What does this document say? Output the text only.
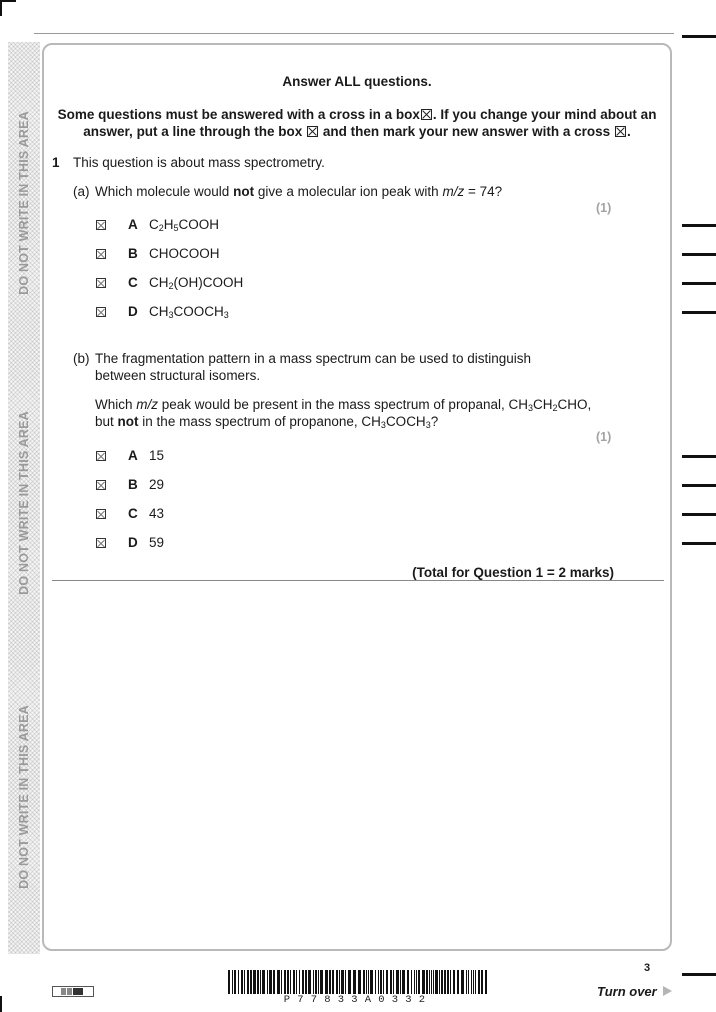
DO NOT WRITE IN THIS AREA
DO NOT WRITE IN THIS AREA
DO NOT WRITE IN THIS AREA
Answer ALL questions.
Some questions must be answered with a cross in a box☒. If you change your mind about an
answer, put a line through the box and then mark your new answer with a cross ☒.
1 This question is about mass spectrometry.
(a) Which molecule would not give a molecular ion peak with m/z = 74?
(1)
A $C_2H_5COOH$
B CHOCOOH
C $CH_2(OH)COOH$
D $CH_3COOCH_3$
(b) The fragmentation pattern in a mass spectrum can be used to distinguish
between structural isomers.
Which m/z peak would be present in the mass spectrum of propanal, $CH_3CH_2CHO$,
but not in the mass spectrum of propanone, $CH_3COCH_3$?
(1)
A 15
B 29
C 43
D 59
(Total for Question 1 = 2 marks)
P77833A0332
3
Turn over
